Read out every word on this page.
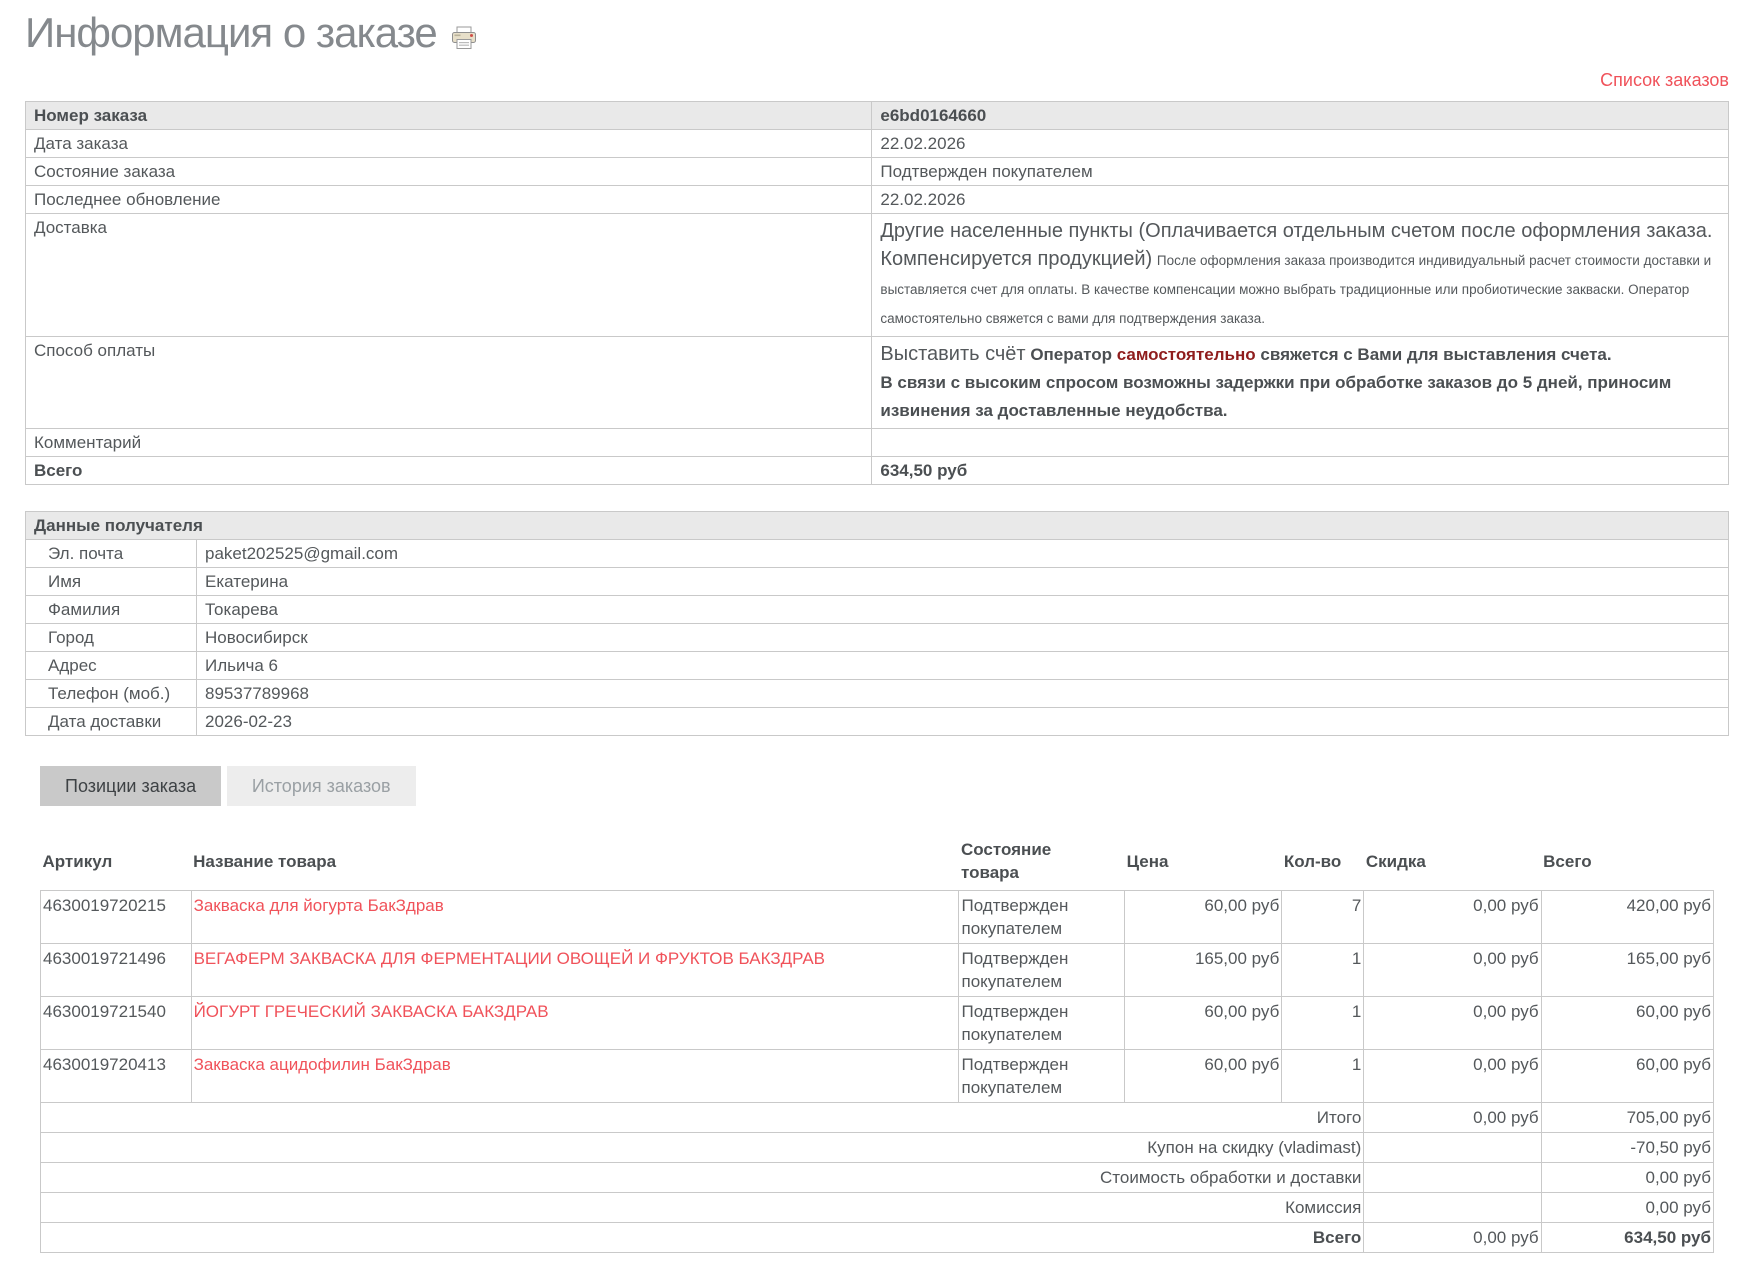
Информация о заказе
Список заказов
Номер заказа	e6bd0164660
Дата заказа	22.02.2026
Состояние заказа	Подтвержден покупателем
Последнее обновление	22.02.2026
Доставка	Другие населенные пункты (Оплачивается отдельным счетом после оформления заказа. Компенсируется продукцией) После оформления заказа производится индивидуальный расчет стоимости доставки и выставляется счет для оплаты. В качестве компенсации можно выбрать традиционные или пробиотические закваски. Оператор самостоятельно свяжется с вами для подтверждения заказа.
Способ оплаты	Выставить счёт Оператор самостоятельно свяжется с Вами для выставления счета.
В связи с высоким спросом возможны задержки при обработке заказов до 5 дней, приносим извинения за доставленные неудобства.

Комментарий	
Всего	634,50 руб
Данные получателя	
Эл. почта	paket202525@gmail.com
Имя	Екатерина
Фамилия	Токарева
Город	Новосибирск
Адрес	Ильича 6
Телефон (моб.)	89537789968
Дата доставки	2026-02-23
Позиции заказа	История заказов
Артикул	Название товара	Состояние товара	Цена	Кол-во	Скидка	Всего
4630019720215	Закваска для йогурта БакЗдрав	Подтвержден покупателем	60,00 руб	7	0,00 руб	420,00 руб
4630019721496	ВЕГАФЕРМ ЗАКВАСКА ДЛЯ ФЕРМЕНТАЦИИ ОВОЩЕЙ И ФРУКТОВ БАКЗДРАВ	Подтвержден покупателем	165,00 руб	1	0,00 руб	165,00 руб
4630019721540	ЙОГУРТ ГРЕЧЕСКИЙ ЗАКВАСКА БАКЗДРАВ	Подтвержден покупателем	60,00 руб	1	0,00 руб	60,00 руб
4630019720413	Закваска ацидофилин БакЗдрав	Подтвержден покупателем	60,00 руб	1	0,00 руб	60,00 руб
Итого					0,00 руб	705,00 руб
Купон на скидку (vladimast)						-70,50 руб
Стоимость обработки и доставки						0,00 руб
Комиссия						0,00 руб
Всего					0,00 руб	634,50 руб
